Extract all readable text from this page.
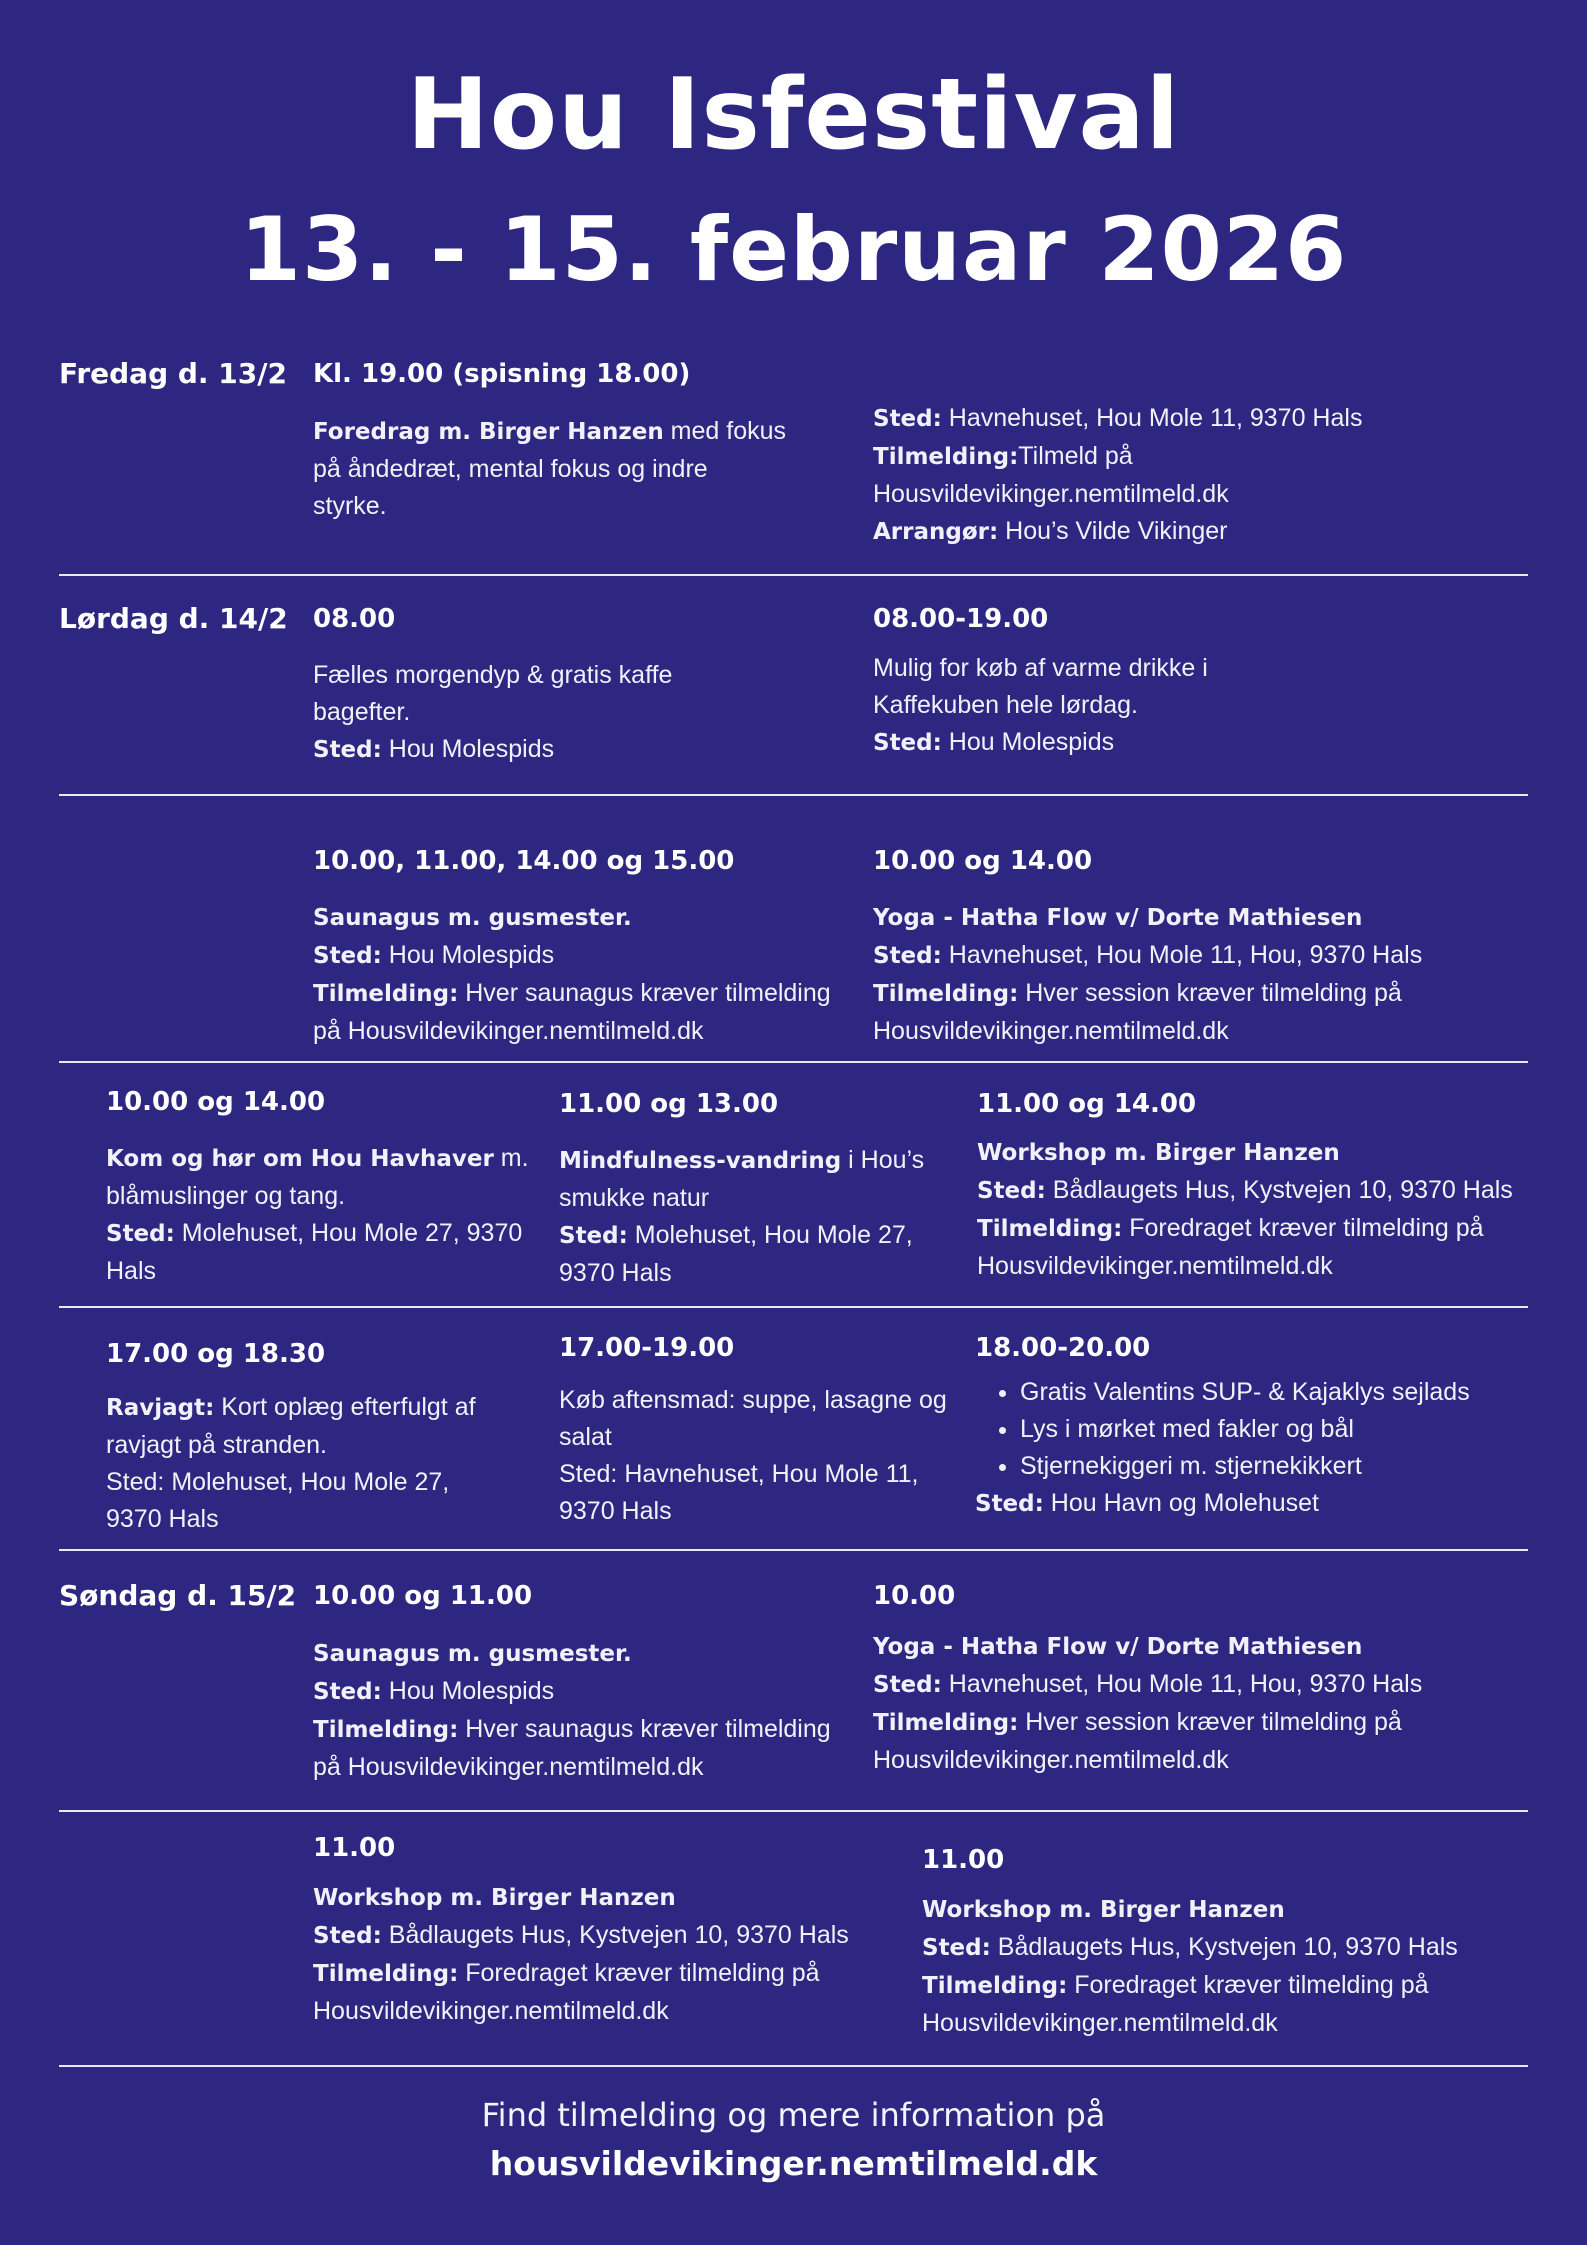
Hou Isfestival
13. - 15. februar 2026
Fredag d. 13/2 Kl. 19.00 (spisning 18.00)
Foredrag m. Birger Hanzen med fokus
på åndedræt, mental fokus og indre
styrke.
Sted: Havnehuset, Hou Mole 11, 9370 Hals
Tilmelding:Tilmeld på
Housvildevikinger.nemtilmeld.dk
Arrangør: Hou’s Vilde Vikinger
Lørdag d. 14/2 08.00
Fælles morgendyp & gratis kaffe
bagefter.
Sted: Hou Molespids
08.00-19.00
Mulig for køb af varme drikke i
Kaffekuben hele lørdag.
Sted: Hou Molespids
10.00, 11.00, 14.00 og 15.00
Saunagus m. gusmester.
Sted: Hou Molespids
Tilmelding: Hver saunagus kræver tilmelding
på Housvildevikinger.nemtilmeld.dk
10.00 og 14.00
Yoga - Hatha Flow v/ Dorte Mathiesen
Sted: Havnehuset, Hou Mole 11, Hou, 9370 Hals
Tilmelding: Hver session kræver tilmelding på
Housvildevikinger.nemtilmeld.dk
10.00 og 14.00
Kom og hør om Hou Havhaver m.
blåmuslinger og tang.
Sted: Molehuset, Hou Mole 27, 9370
Hals
11.00 og 13.00
Mindfulness-vandring i Hou’s
smukke natur
Sted: Molehuset, Hou Mole 27,
9370 Hals
11.00 og 14.00
Workshop m. Birger Hanzen
Sted: Bådlaugets Hus, Kystvejen 10, 9370 Hals
Tilmelding: Foredraget kræver tilmelding på
Housvildevikinger.nemtilmeld.dk
17.00 og 18.30
Ravjagt: Kort oplæg efterfulgt af
ravjagt på stranden.
Sted: Molehuset, Hou Mole 27,
9370 Hals
17.00-19.00
Køb aftensmad: suppe, lasagne og
salat
Sted: Havnehuset, Hou Mole 11,
9370 Hals
18.00-20.00
• Gratis Valentins SUP- & Kajaklys sejlads
• Lys i mørket med fakler og bål
• Stjernekiggeri m. stjernekikkert
Sted: Hou Havn og Molehuset
Søndag d. 15/2 10.00 og 11.00
Saunagus m. gusmester.
Sted: Hou Molespids
Tilmelding: Hver saunagus kræver tilmelding
på Housvildevikinger.nemtilmeld.dk
10.00
Yoga - Hatha Flow v/ Dorte Mathiesen
Sted: Havnehuset, Hou Mole 11, Hou, 9370 Hals
Tilmelding: Hver session kræver tilmelding på
Housvildevikinger.nemtilmeld.dk
11.00
Workshop m. Birger Hanzen
Sted: Bådlaugets Hus, Kystvejen 10, 9370 Hals
Tilmelding: Foredraget kræver tilmelding på
Housvildevikinger.nemtilmeld.dk
11.00
Workshop m. Birger Hanzen
Sted: Bådlaugets Hus, Kystvejen 10, 9370 Hals
Tilmelding: Foredraget kræver tilmelding på
Housvildevikinger.nemtilmeld.dk
Find tilmelding og mere information på
housvildevikinger.nemtilmeld.dk
